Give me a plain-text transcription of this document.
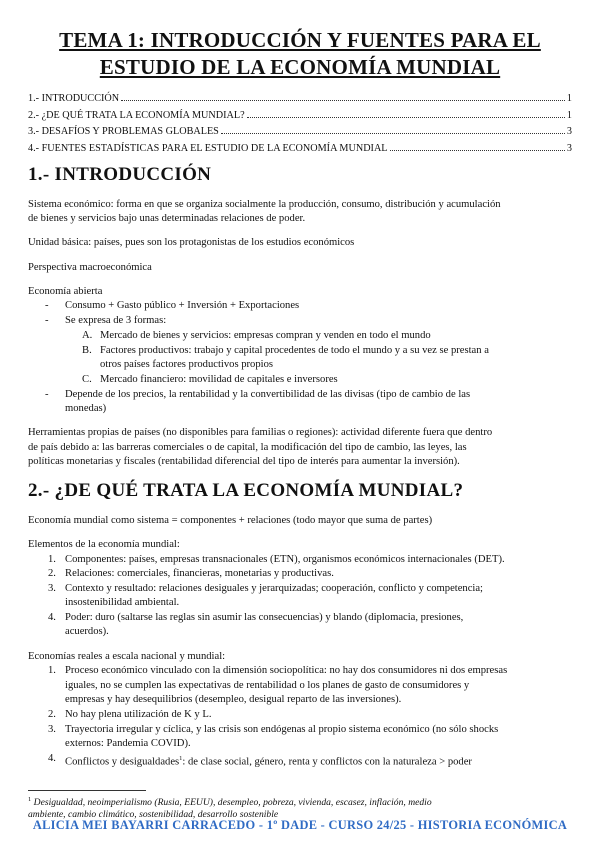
TEMA 1: INTRODUCCIÓN Y FUENTES PARA EL
ESTUDIO DE LA ECONOMÍA MUNDIAL
1.- INTRODUCCIÓN	1
2.- ¿DE QUÉ TRATA LA ECONOMÍA MUNDIAL?	1
3.- DESAFÍOS Y PROBLEMAS GLOBALES	3
4.- FUENTES ESTADÍSTICAS PARA EL ESTUDIO DE LA ECONOMÍA MUNDIAL	3
1.- INTRODUCCIÓN
Sistema económico: forma en que se organiza socialmente la producción, consumo, distribución y acumulación
de bienes y servicios bajo unas determinadas relaciones de poder.
Unidad básica: países, pues son los protagonistas de los estudios económicos
Perspectiva macroeconómica
Economía abierta
- Consumo + Gasto público + Inversión + Exportaciones
- Se expresa de 3 formas:
A. Mercado de bienes y servicios: empresas compran y venden en todo el mundo
B. Factores productivos: trabajo y capital procedentes de todo el mundo y a su vez se prestan a
otros países factores productivos propios
C. Mercado financiero: movilidad de capitales e inversores
- Depende de los precios, la rentabilidad y la convertibilidad de las divisas (tipo de cambio de las
monedas)
Herramientas propias de países (no disponibles para familias o regiones): actividad diferente fuera que dentro
de país debido a: las barreras comerciales o de capital, la modificación del tipo de cambio, las leyes, las
políticas monetarias y fiscales (rentabilidad diferencial del tipo de interés para aumentar la inversión).
2.- ¿DE QUÉ TRATA LA ECONOMÍA MUNDIAL?
Economía mundial como sistema = componentes + relaciones (todo mayor que suma de partes)
Elementos de la economía mundial:
1. Componentes: países, empresas transnacionales (ETN), organismos económicos internacionales (DET).
2. Relaciones: comerciales, financieras, monetarias y productivas.
3. Contexto y resultado: relaciones desiguales y jerarquizadas; cooperación, conflicto y competencia;
insostenibilidad ambiental.
4. Poder: duro (saltarse las reglas sin asumir las consecuencias) y blando (diplomacia, presiones,
acuerdos).
Economías reales a escala nacional y mundial:
1. Proceso económico vinculado con la dimensión sociopolítica: no hay dos consumidores ni dos empresas
iguales, no se cumplen las expectativas de rentabilidad o los planes de gasto de consumidores y
empresas y hay desequilibrios (desempleo, desigual reparto de las inversiones).
2. No hay plena utilización de K y L.
3. Trayectoria irregular y cíclica, y las crisis son endógenas al propio sistema económico (no sólo shocks
externos: Pandemia COVID).
4. Conflictos y desigualdades$^1$: de clase social, género, renta y conflictos con la naturaleza > poder
$^1$ Desigualdad, neoimperialismo (Rusia, EEUU), desempleo, pobreza, vivienda, escasez, inflación, medio
ambiente, cambio climático, sostenibilidad, desarrollo sostenible
ALICIA MEI BAYARRI CARRACEDO - 1º DADE - CURSO 24/25 - HISTORIA ECONÓMICA
